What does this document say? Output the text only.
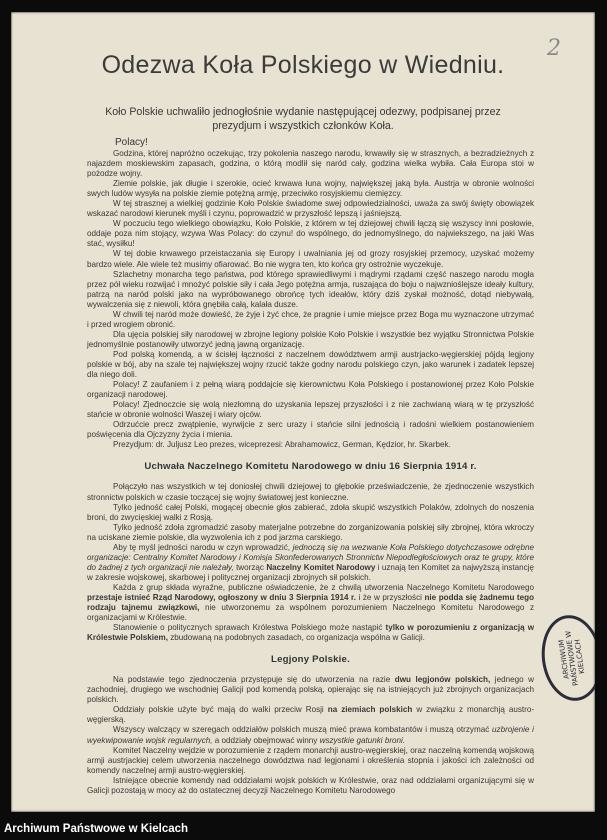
2
Odezwa Koła Polskiego w Wiedniu.
Koło Polskie uchwaliło jednogłośnie wydanie następującej odezwy, podpisanej przez prezydjum i wszystkich członków Koła.
Polacy!

Godzina, której napróżno oczekując, trzy pokolenia naszego narodu, krwawiły się w strasznych, a bezradzieżnych z najazdem moskiewskim zapasach, godzina, o którą modlił się naród cały, godzina wielka wybiła. Cała Europa stoi w pożodze wojny.

Ziemie polskie, jak długie i szerokie, ocieć krwawa łuna wojny, największej jaką była. Austrja w obronie wolności swych ludów wysyła na polskie ziemie potężną armję, przeciwko rosyjskiemu ciemięzcy.

W tej strasznej a wielkiej godzinie Koło Polskie świadome swej odpowiedzialności, uważa za swój święty obowiązek wskazać narodowi kierunek myśli i czynu, poprowadzić w przyszłość lepszą i jaśniejszą.

W poczuciu tego wielkiego obowiązku, Koło Polskie, z którem w tej dziejowej chwili łączą się wszyscy inni posłowie, oddaje poza nim stojący, wzywa Was Polacy: do czynu! do wspólnego, do jednomyślnego, do najwiekszego, na jaki Was stać, wysiłku!

W tej dobie krwawego przeistaczania się Europy i uwalniania jej od grozy rosyjskiej przemocy, uzyskać możemy bardzo wiele. Ale wiele też musimy ofiarować. Bo nie wygra ten, kto końca gry ostrożnie wyczekuje.

Szlachetny monarcha tego państwa, pod którego sprawiedliwymi i mądrymi rządami część naszego narodu mogła przez pół wieku rozwijać i mnożyć polskie siły i cała Jego potężna armja, ruszająca do boju o najwznioślejsze ideały kultury, patrzą na naród polski jako na wypróbowanego obrońcę tych ideałów, który dziś zyskał możność, dotąd niebywałą, wywalczenia się z niewoli, która gnębiła całą, kalała dusze.

W chwili tej naród może dowieść, że żyje i żyć chce, że pragnie i umie miejsce przez Boga mu wyznaczone utrzymać i przed wrogiem obronić.

Dla ujęcia polskiej siły narodowej w zbrojne legiony polskie Koło Polskie i wszystkie bez wyjątku Stronnictwa Polskie jednomyślnie postanowiły utworzyć jedną jawną organizację.

Pod polską komendą, a w ścisłej łączności z naczelnem dowództwem armji austrjacko-węgierskiej pójdą legjony polskie w bój, aby na szale tej największej wojny rzucić także godny narodu polskiego czyn, jako warunek i zadatek lepszej dla niego doli.

Polacy! Z zaufaniem i z pełną wiarą poddajcie się kierownictwu Koła Polskiego i postanowionej przez Koło Polskie organizacji narodowej.

Polacy! Zjednoczcie się wolą niezłomną do uzyskania lepszej przyszłości i z nie zachwianą wiarą w tę przyszłość stańcie w obronie wolności Waszej i wiary ojców.

Odrzućcie precz zwątpienie, wyrwijcie z serc urazy i stańcie silni jednością i radośni wielkiem postanowieniem poświęcenia dla Ojczyzny życia i mienia.

Prezydjum: dr. Juljusz Leo prezes, wiceprezesi: Abrahamowicz, German, Kędzior, hr. Skarbek.

Uchwała Naczelnego Komitetu Narodowego w dniu 16 Sierpnia 1914 r.

Połączyło nas wszystkich w tej doniosłej chwili dziejowej to głębokie przeświadczenie, że zjednoczenie wszystkich stronnictw polskich w czasie toczącej się wojny światowej jest konieczne.

Tylko jedność całej Polski, mogącej obecnie głos zabierać, zdoła skupić wszystkich Polaków, zdolnych do noszenia broni, do zwycięskiej walki z Rosją.

Tylko jedność zdoła zgromadzić zasoby materjalne potrzebne do zorganizowania polskiej siły zbrojnej, która wkroczy na uciskane ziemie polskie, dla wyzwolenia ich z pod jarzma carskiego.

Aby tę myśl jedności narodu w czyn wprowadzić, jednoczą się na wezwanie Koła Polskiego dotychczasowe odrębne organizacje: Centralny Komitet Narodowy i Komisja Skonfederowanych Stronnictw Niepodległościowych oraz te grupy, które do żadnej z tych organizacji nie należały, tworząc Naczelny Komitet Narodowy i uznają ten Komitet za najwyższą instancję w zakresie wojskowej, skarbowej i politycznej organizacji zbrojnych sił polskich.

Każda z grup składa wyraźne, publiczne oświadczenie, że z chwilą utworzenia Naczelnego Komitetu Narodowego przestaje istnieć Rząd Narodowy, ogłoszony w dniu 3 Sierpnia 1914 r. i że w przyszłości nie podda się żadnemu tego rodzaju tajnemu związkowi, nie utworzonemu za wspólnem porozumieniem Naczelnego Komitetu Narodowego z organizacjami w Królestwie.

Stanowienie o politycznych sprawach Królestwa Polskiego może nastąpić tylko w porozumieniu z organizacją w Królestwie Polskiem, zbudowaną na podobnych zasadach, co organizacja wspólna w Galicji.

Legjony Polskie.

Na podstawie tego zjednoczenia przystępuje się do utworzenia na razie dwu legjonów polskich, jednego w zachodniej, drugiego we wschodniej Galicji pod komendą polską, opierając się na istniejących już zbrojnych organizacjach polskich.

Oddziały polskie użyte być mają do walki przeciw Rosji na ziemiach polskich w związku z monarchją austro-węgierską.

Wszyscy walczący w szeregach oddziałów polskich muszą mieć prawa kombatantów i muszą otrzymać uzbrojenie i wyekwipowanie wojsk regularnych, a oddziały obejmować winny wszystkie gatunki broni.

Komitet Naczelny wejdzie w porozumienie z rządem monarchji austro-węgierskiej, oraz naczelną komendą wojskową armji austrjackiej celem utworzenia naczelnego dowództwa nad legjonami i określenia stopnia i jakości ich zależności od komendy naczelnej armji austro-węgierskiej.

Istniejące obecnie komendy nad oddziałami wojsk polskich w Królestwie, oraz nad oddziałami organizującymi się w Galicji pozostają w mocy aż do ostatecznej decyzji Naczelnego Komitetu Narodowego

ARCHIWUM PAŃSTWOWE W KIELCACH
Archiwum Państwowe w Kielcach
